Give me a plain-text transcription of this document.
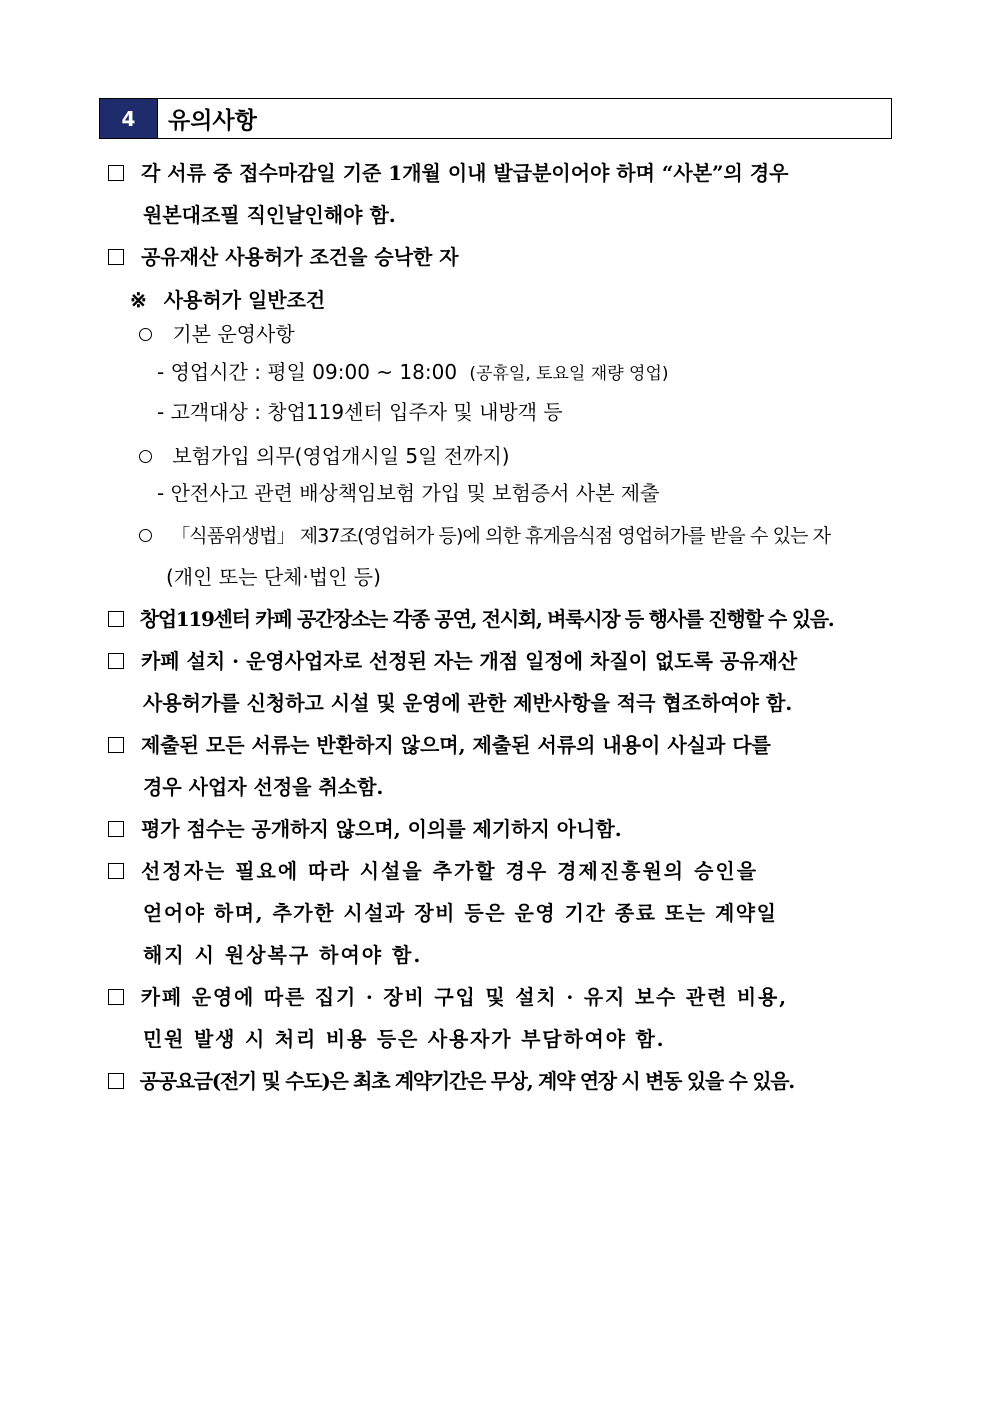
4	유의사항
각 서류 중 접수마감일 기준 1개월 이내 발급분이어야 하며 “사본”의 경우
원본대조필 직인날인해야 함.
공유재산 사용허가 조건을 승낙한 자
※ 사용허가 일반조건
기본 운영사항
- 영업시간 : 평일 09:00 ~ 18:00 (공휴일, 토요일 재량 영업)
- 고객대상 : 창업119센터 입주자 및 내방객 등
보험가입 의무(영업개시일 5일 전까지)
- 안전사고 관련 배상책임보험 가입 및 보험증서 사본 제출
「식품위생법」 제37조(영업허가 등)에 의한 휴게음식점 영업허가를 받을 수 있는 자
(개인 또는 단체·법인 등)
창업119센터 카페 공간장소는 각종 공연, 전시회, 벼룩시장 등 행사를 진행할 수 있음.
카페 설치 · 운영사업자로 선정된 자는 개점 일정에 차질이 없도록 공유재산
사용허가를 신청하고 시설 및 운영에 관한 제반사항을 적극 협조하여야 함.
제출된 모든 서류는 반환하지 않으며, 제출된 서류의 내용이 사실과 다를
경우 사업자 선정을 취소함.
평가 점수는 공개하지 않으며, 이의를 제기하지 아니함.
선정자는 필요에 따라 시설을 추가할 경우 경제진흥원의 승인을
얻어야 하며, 추가한 시설과 장비 등은 운영 기간 종료 또는 계약일
해지 시 원상복구 하여야 함.
카페 운영에 따른 집기 · 장비 구입 및 설치 · 유지 보수 관련 비용,
민원 발생 시 처리 비용 등은 사용자가 부담하여야 함.
공공요금(전기 및 수도)은 최초 계약기간은 무상, 계약 연장 시 변동 있을 수 있음.
